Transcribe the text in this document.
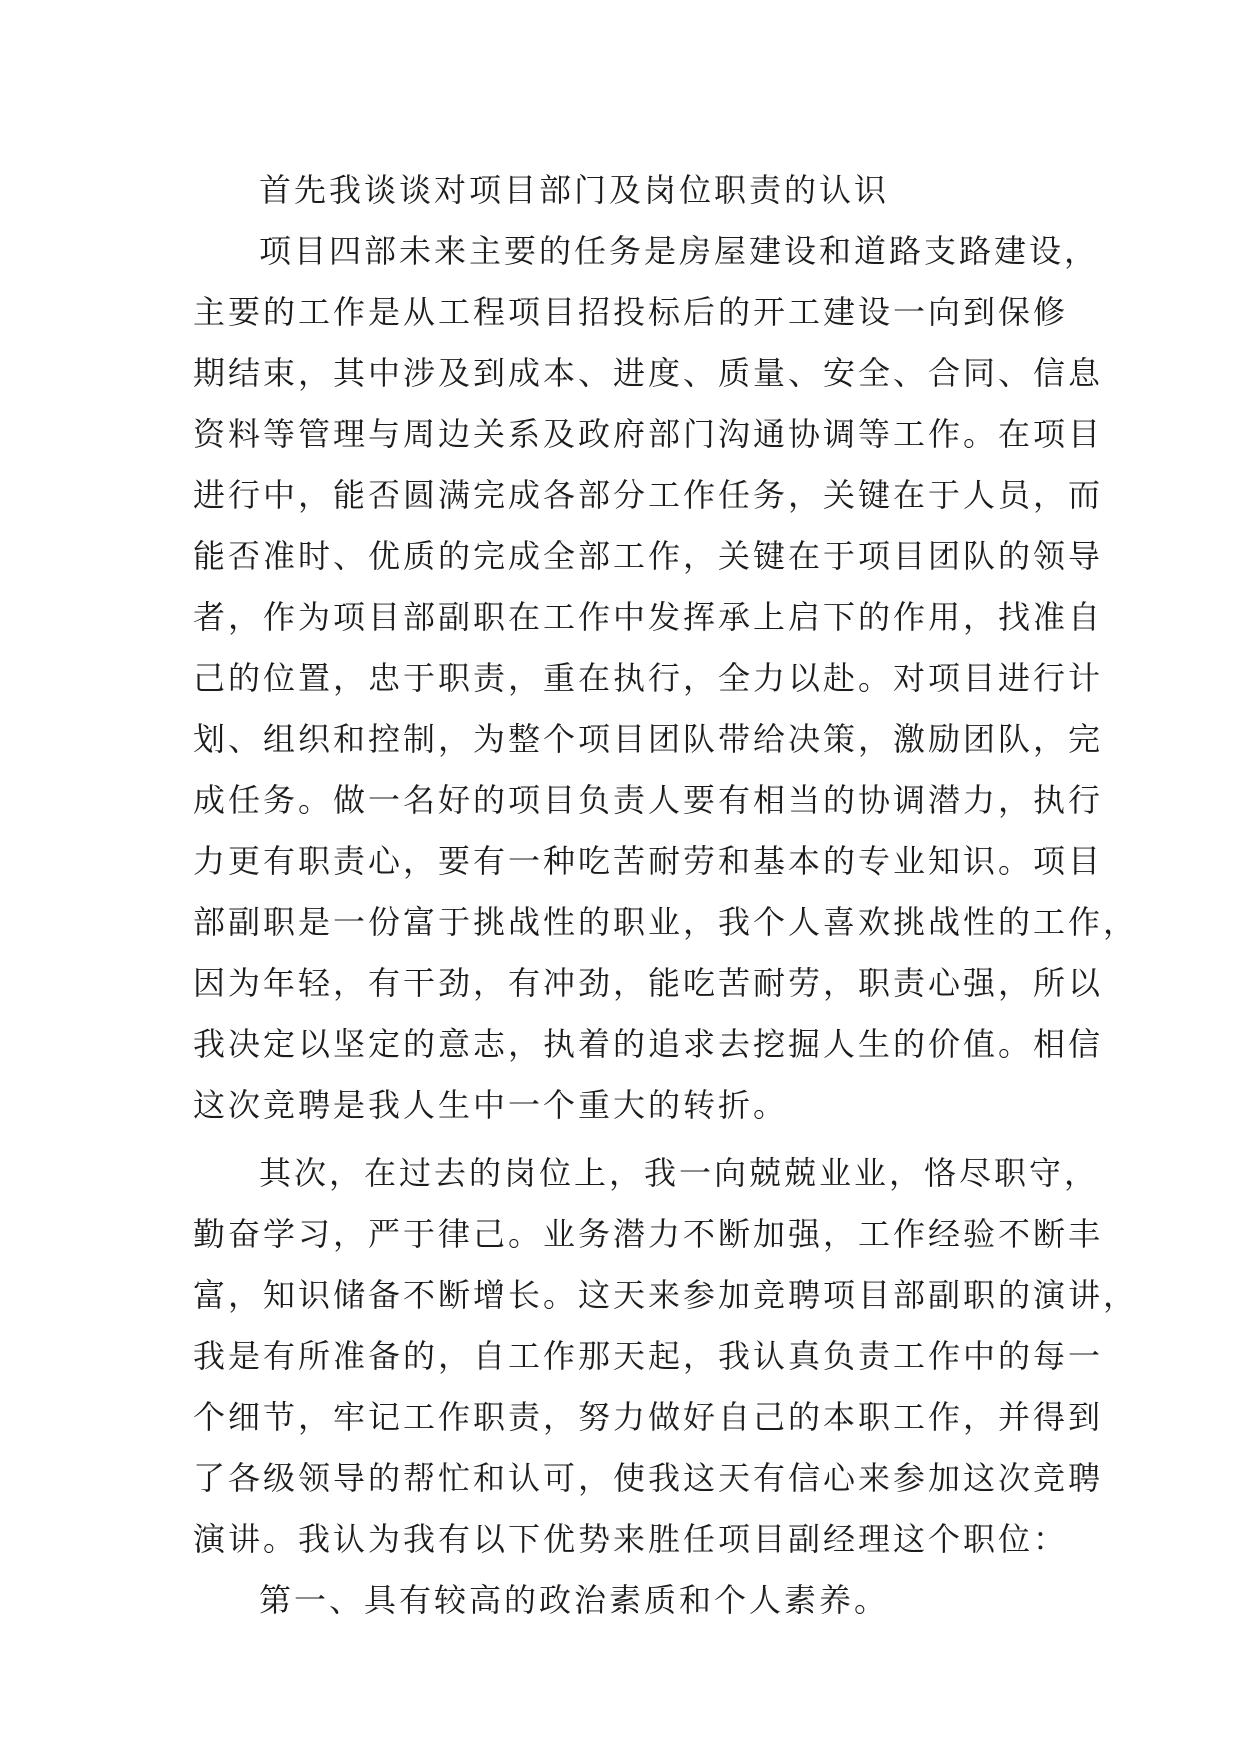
首先我谈谈对项目部门及岗位职责的认识
项目四部未来主要的任务是房屋建设和道路支路建设，
主要的工作是从工程项目招投标后的开工建设一向到保修
期结束，其中涉及到成本、进度、质量、安全、合同、信息
资料等管理与周边关系及政府部门沟通协调等工作。在项目
进行中，能否圆满完成各部分工作任务，关键在于人员，而
能否准时、优质的完成全部工作，关键在于项目团队的领导
者，作为项目部副职在工作中发挥承上启下的作用，找准自
己的位置，忠于职责，重在执行，全力以赴。对项目进行计
划、组织和控制，为整个项目团队带给决策，激励团队，完
成任务。做一名好的项目负责人要有相当的协调潜力，执行
力更有职责心，要有一种吃苦耐劳和基本的专业知识。项目
部副职是一份富于挑战性的职业，我个人喜欢挑战性的工作，
因为年轻，有干劲，有冲劲，能吃苦耐劳，职责心强，所以
我决定以坚定的意志，执着的追求去挖掘人生的价值。相信
这次竞聘是我人生中一个重大的转折。
其次，在过去的岗位上，我一向兢兢业业，恪尽职守，
勤奋学习，严于律己。业务潜力不断加强，工作经验不断丰
富，知识储备不断增长。这天来参加竞聘项目部副职的演讲，
我是有所准备的，自工作那天起，我认真负责工作中的每一
个细节，牢记工作职责，努力做好自己的本职工作，并得到
了各级领导的帮忙和认可，使我这天有信心来参加这次竞聘
演讲。我认为我有以下优势来胜任项目副经理这个职位：
第一、具有较高的政治素质和个人素养。
